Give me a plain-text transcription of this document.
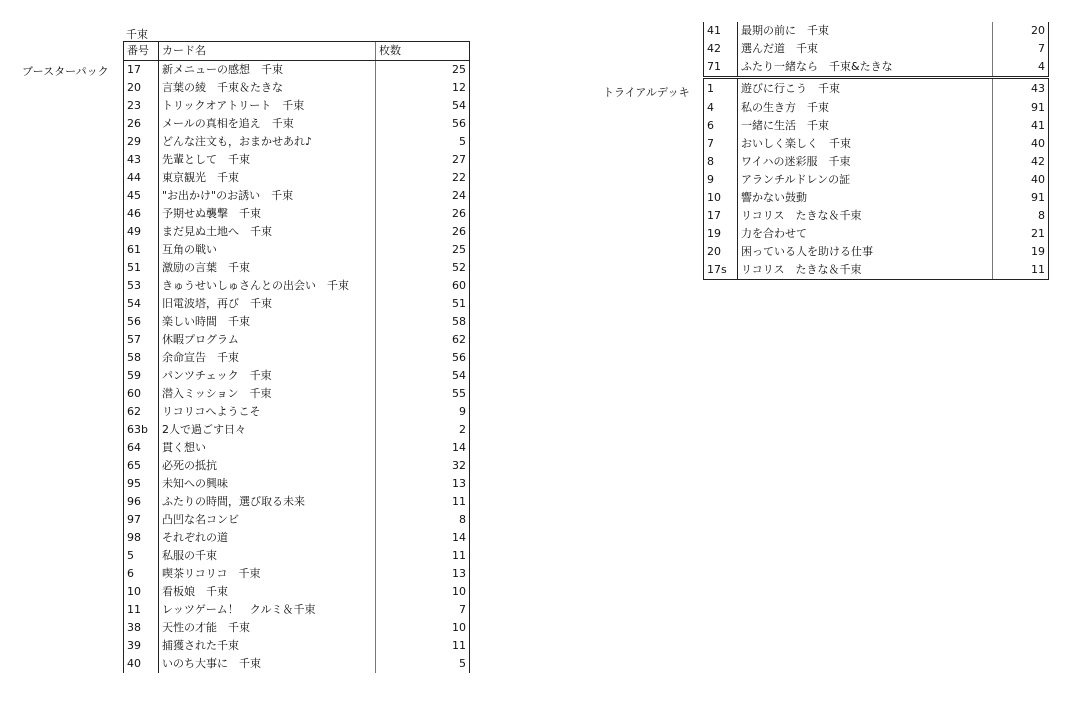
千束
ブースターパック
トライアルデッキ
番号	カード名	枚数
17	新メニューの感想　千束	25
20	言葉の綾　千束＆たきな	12
23	トリックオアトリート　千束	54
26	メールの真相を追え　千束	56
29	どんな注文も，おまかせあれ♪	5
43	先輩として　千束	27
44	東京観光　千束	22
45	"お出かけ"のお誘い　千束	24
46	予期せぬ襲撃　千束	26
49	まだ見ぬ土地へ　千束	26
61	互角の戦い	25
51	激励の言葉　千束	52
53	きゅうせいしゅさんとの出会い　千束	60
54	旧電波塔，再び　千束	51
56	楽しい時間　千束	58
57	休暇プログラム	62
58	余命宣告　千束	56
59	パンツチェック　千束	54
60	潜入ミッション　千束	55
62	リコリコへようこそ	9
63b	2人で過ごす日々	2
64	貫く想い	14
65	必死の抵抗	32
95	未知への興味	13
96	ふたりの時間，選び取る未来	11
97	凸凹な名コンビ	8
98	それぞれの道	14
5	私服の千束	11
6	喫茶リコリコ　千束	13
10	看板娘　千束	10
11	レッツゲーム！　クルミ＆千束	7
38	天性の才能　千束	10
39	捕獲された千束	11
40	いのち大事に　千束	5
41	最期の前に　千束	20
42	選んだ道　千束	7
71	ふたり一緒なら　千束&たきな	4
1	遊びに行こう　千束	43
4	私の生き方　千束	91
6	一緒に生活　千束	41
7	おいしく楽しく　千束	40
8	ワイハの迷彩服　千束	42
9	アランチルドレンの証	40
10	響かない鼓動	91
17	リコリス　たきな＆千束	8
19	力を合わせて	21
20	困っている人を助ける仕事	19
17s	リコリス　たきな＆千束	11
